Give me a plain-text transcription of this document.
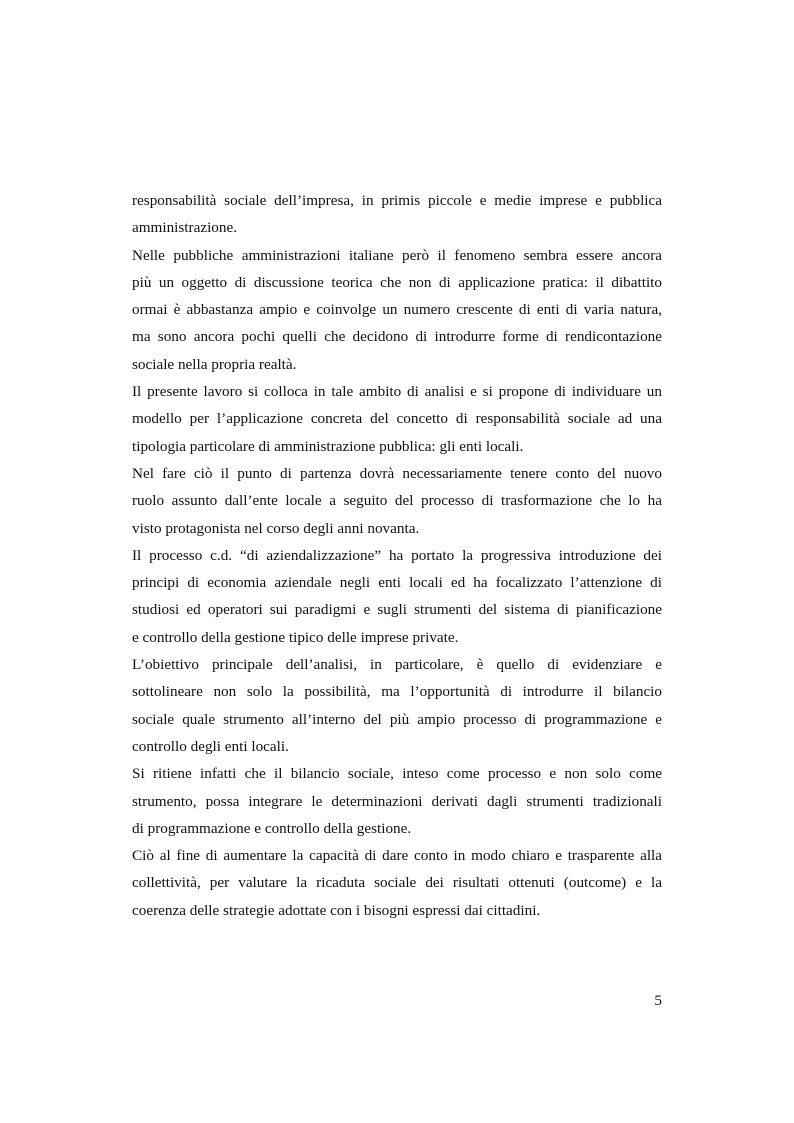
responsabilità sociale dell’impresa, in primis piccole e medie imprese e pubblica
amministrazione.

Nelle pubbliche amministrazioni italiane però il fenomeno sembra essere ancora
più un oggetto di discussione teorica che non di applicazione pratica: il dibattito
ormai è abbastanza ampio e coinvolge un numero crescente di enti di varia natura,
ma sono ancora pochi quelli che decidono di introdurre forme di rendicontazione
sociale nella propria realtà.

Il presente lavoro si colloca in tale ambito di analisi e si propone di individuare un
modello per l’applicazione concreta del concetto di responsabilità sociale ad una
tipologia particolare di amministrazione pubblica: gli enti locali.

Nel fare ciò il punto di partenza dovrà necessariamente tenere conto del nuovo
ruolo assunto dall’ente locale a seguito del processo di trasformazione che lo ha
visto protagonista nel corso degli anni novanta.

Il processo c.d. “di aziendalizzazione” ha portato la progressiva introduzione dei
principi di economia aziendale negli enti locali ed ha focalizzato l’attenzione di
studiosi ed operatori sui paradigmi e sugli strumenti del sistema di pianificazione
e controllo della gestione tipico delle imprese private.

L’obiettivo principale dell’analisi, in particolare, è quello di evidenziare e
sottolineare non solo la possibilità, ma l’opportunità di introdurre il bilancio
sociale quale strumento all’interno del più ampio processo di programmazione e
controllo degli enti locali.

Si ritiene infatti che il bilancio sociale, inteso come processo e non solo come
strumento, possa integrare le determinazioni derivati dagli strumenti tradizionali
di programmazione e controllo della gestione.

Ciò al fine di aumentare la capacità di dare conto in modo chiaro e trasparente alla
collettività, per valutare la ricaduta sociale dei risultati ottenuti (outcome) e la
coerenza delle strategie adottate con i bisogni espressi dai cittadini.

5
